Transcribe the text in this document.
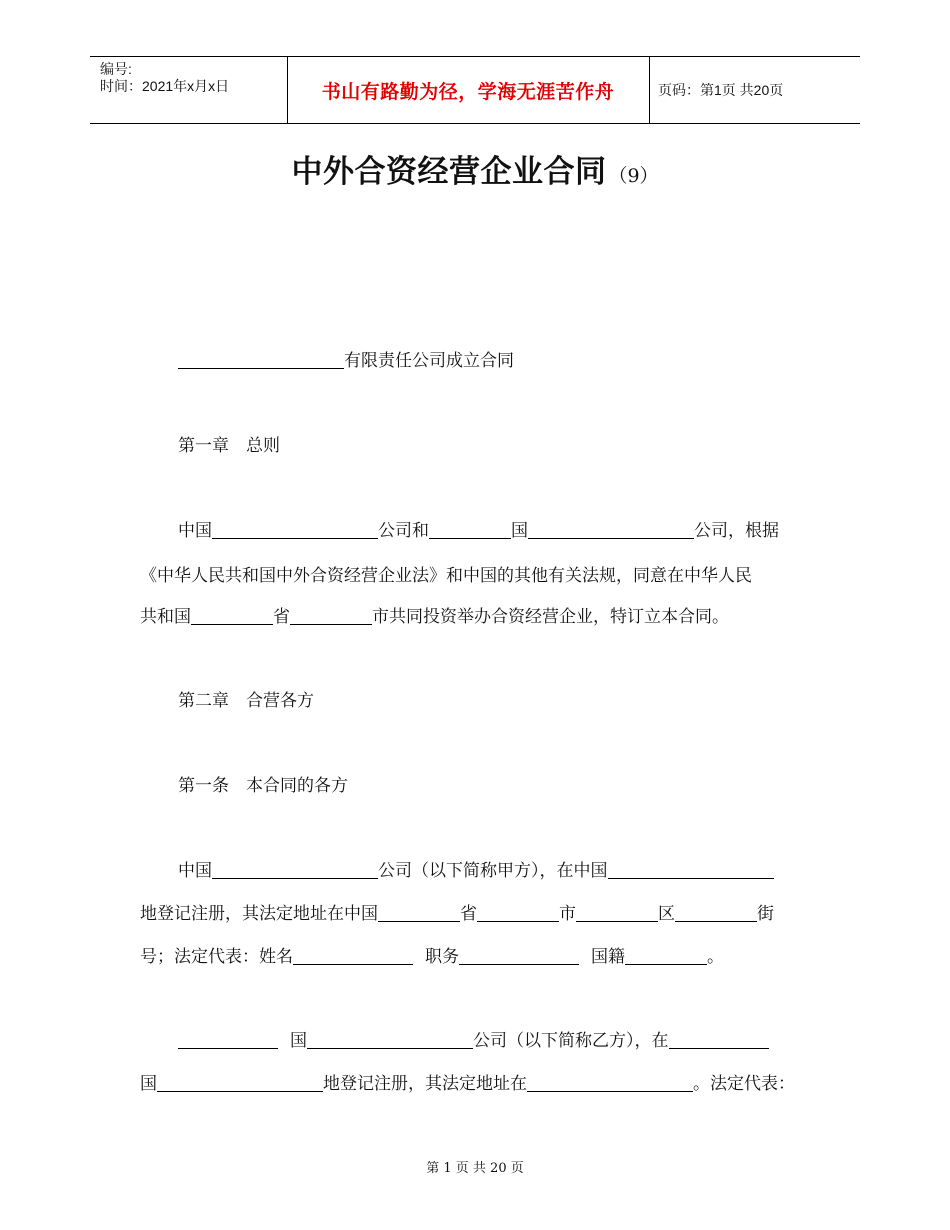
编号:
时间：2021年x月x日	书山有路勤为径，学海无涯苦作舟	页码：第1页 共20页
中外合资经营企业合同 （9）
有限责任公司成立合同
第一章　总则
中国	公司和	国	公司，根据
《中华人民共和国中外合资经营企业法》和中国的其他有关法规，同意在中华人民
共和国	省	市共同投资举办合资经营企业，特订立本合同。
第二章　合营各方
第一条　本合同的各方
中国	公司（以下简称甲方），在中国
地登记注册，其法定地址在中国	省	市	区	街
号；法定代表：姓名	职务	国籍	。
国	公司（以下简称乙方），在
国	地登记注册，其法定地址在	。法定代表：
第 1 页 共 20 页
